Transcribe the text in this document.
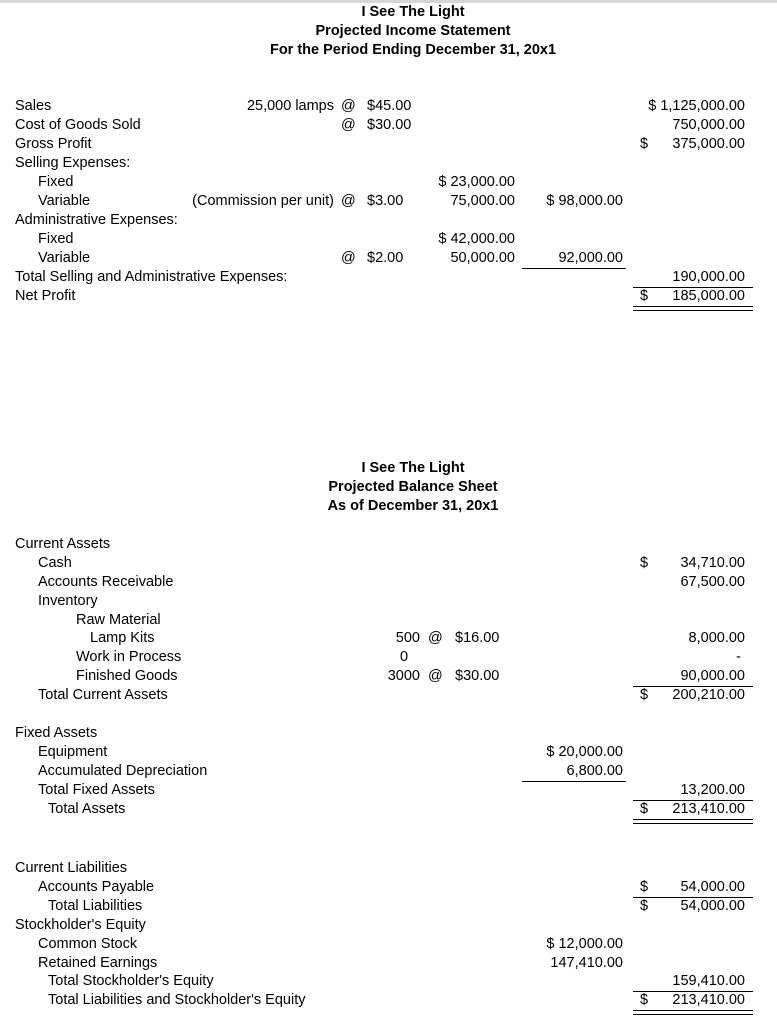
I See The Light
Projected Income Statement
For the Period Ending December 31, 20x1
Sales	25,000 lamps @ $45.00	$ 1,125,000.00
Cost of Goods Sold	@ $30.00	750,000.00
Gross Profit	$ 375,000.00
Selling Expenses:
Fixed	$ 23,000.00
Variable	(Commission per unit) @ $3.00	75,000.00 $ 98,000.00
Administrative Expenses:
Fixed	$ 42,000.00
Variable	@ $2.00	50,000.00	92,000.00
Total Selling and Administrative Expenses:	190,000.00
Net Profit	$ 185,000.00
I See The Light
Projected Balance Sheet
As of December 31, 20x1
Current Assets
Cash	$ 34,710.00
Accounts Receivable	67,500.00
Inventory
Raw Material
Lamp Kits	500 @ $16.00	8,000.00
Work in Process	0	-
Finished Goods	3000 @ $30.00	90,000.00
Total Current Assets	$ 200,210.00
Fixed Assets
Equipment	$ 20,000.00
Accumulated Depreciation	6,800.00
Total Fixed Assets	13,200.00
Total Assets	$ 213,410.00
Current Liabilities
Accounts Payable	$ 54,000.00
Total Liabilities	$ 54,000.00
Stockholder's Equity
Common Stock	$ 12,000.00
Retained Earnings	147,410.00
Total Stockholder's Equity	159,410.00
Total Liabilities and Stockholder's Equity	$ 213,410.00
